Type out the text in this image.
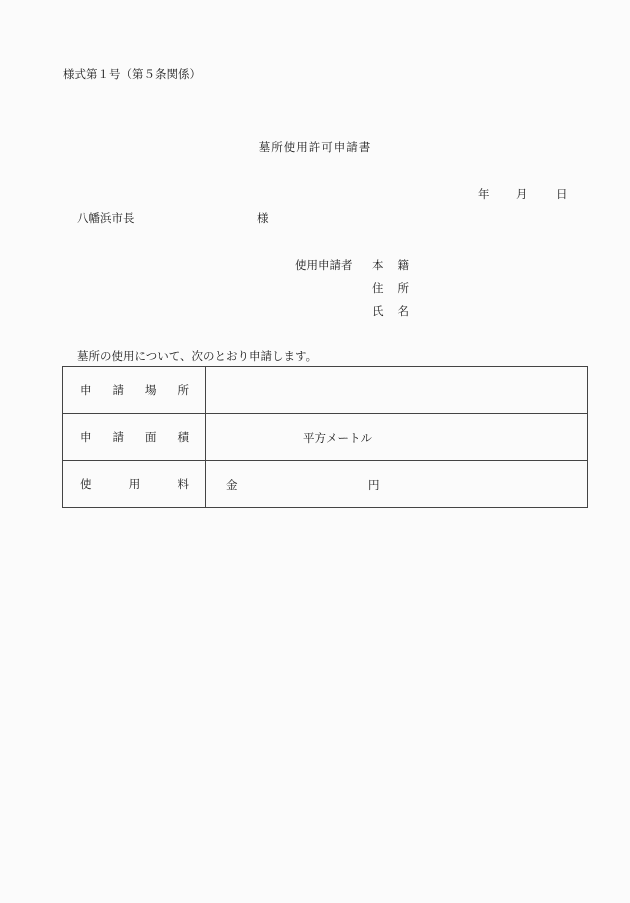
様式第１号（第５条関係）
墓所使用許可申請書
年 月 日
八幡浜市長	様
使用申請者 本 籍
住 所
氏 名
墓所の使用について、次のとおり申請します。
申 請 場 所	

申 請 面 積	平方メートル

使 用 料	金 円
